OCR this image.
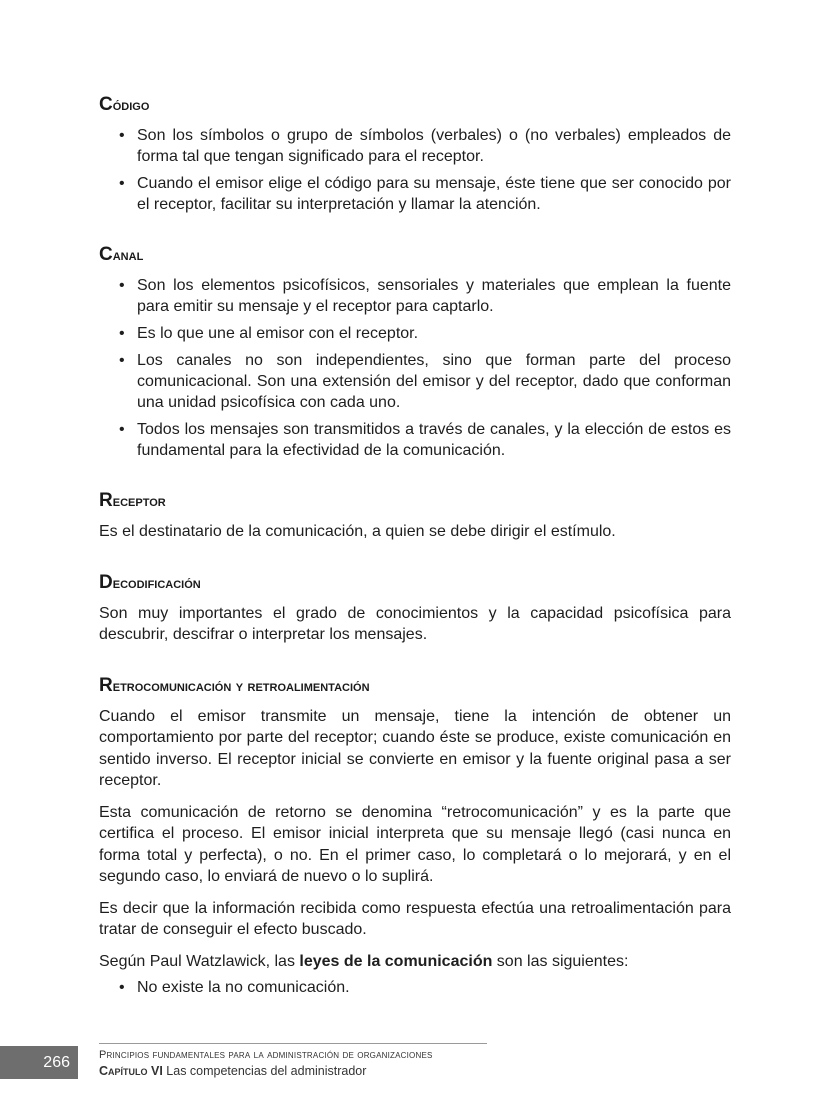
Código
• Son los símbolos o grupo de símbolos (verbales) o (no verbales) empleados de forma tal que tengan significado para el receptor.
• Cuando el emisor elige el código para su mensaje, éste tiene que ser conocido por el receptor, facilitar su interpretación y llamar la atención.
Canal
• Son los elementos psicofísicos, sensoriales y materiales que emplean la fuente para emitir su mensaje y el receptor para captarlo.
• Es lo que une al emisor con el receptor.
• Los canales no son independientes, sino que forman parte del proceso comunicacional. Son una extensión del emisor y del receptor, dado que conforman una unidad psicofísica con cada uno.
• Todos los mensajes son transmitidos a través de canales, y la elección de estos es fundamental para la efectividad de la comunicación.
Receptor

Es el destinatario de la comunicación, a quien se debe dirigir el estímulo.

Decodificación

Son muy importantes el grado de conocimientos y la capacidad psicofísica para descubrir, descifrar o interpretar los mensajes.

Retrocomunicación y retroalimentación

Cuando el emisor transmite un mensaje, tiene la intención de obtener un comportamiento por parte del receptor; cuando éste se produce, existe comunicación en sentido inverso. El receptor inicial se convierte en emisor y la fuente original pasa a ser receptor.

Esta comunicación de retorno se denomina “retrocomunicación” y es la parte que certifica el proceso. El emisor inicial interpreta que su mensaje llegó (casi nunca en forma total y perfecta), o no. En el primer caso, lo completará o lo mejorará, y en el segundo caso, lo enviará de nuevo o lo suplirá.

Es decir que la información recibida como respuesta efectúa una retroalimentación para tratar de conseguir el efecto buscado.

Según Paul Watzlawick, las leyes de la comunicación son las siguientes:

• No existe la no comunicación.
266	Principios fundamentales para la administración de organizaciones
Capítulo VI Las competencias del administrador
